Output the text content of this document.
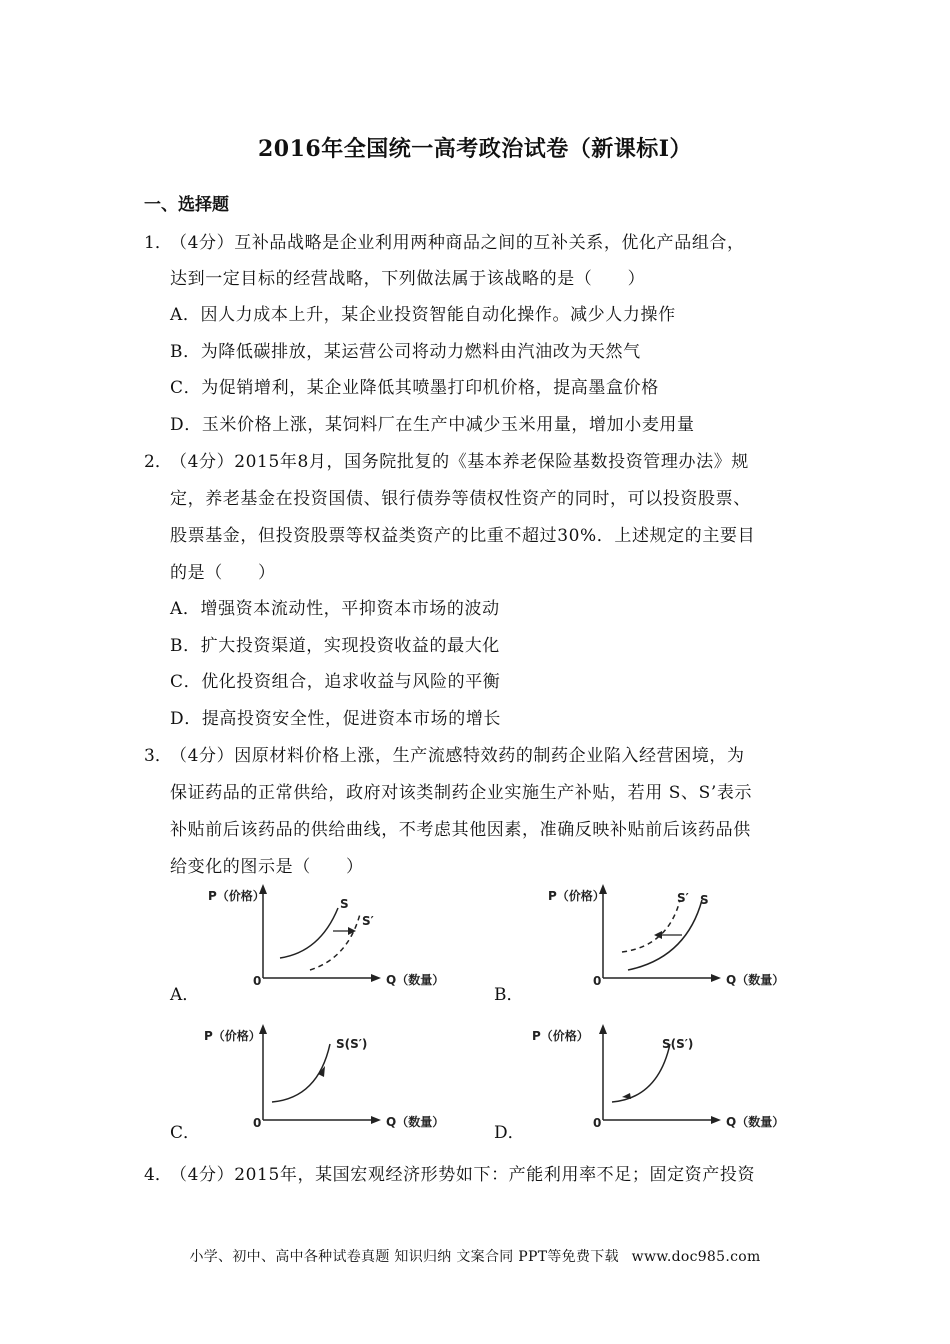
2016年全国统一高考政治试卷（新课标Ⅰ）
一、选择题
1．
（4分）互补品战略是企业利用两种商品之间的互补关系，优化产品组合，
达到一定目标的经营战略，下列做法属于该战略的是（　　）
A．因人力成本上升，某企业投资智能自动化操作。减少人力操作
B．为降低碳排放，某运营公司将动力燃料由汽油改为天然气
C．为促销增利，某企业降低其喷墨打印机价格，提高墨盒价格
D．玉米价格上涨，某饲料厂在生产中减少玉米用量，增加小麦用量
2．
（4分）2015年8月，国务院批复的《基本养老保险基数投资管理办法》规
定，养老基金在投资国债、银行债券等债权性资产的同时，可以投资股票、
股票基金，但投资股票等权益类资产的比重不超过30%．上述规定的主要目
的是（　　）
A．增强资本流动性，平抑资本市场的波动
B．扩大投资渠道，实现投资收益的最大化
C．优化投资组合，追求收益与风险的平衡
D．提高投资安全性，促进资本市场的增长
3．
（4分）因原材料价格上涨，生产流感特效药的制药企业陷入经营困境，为
保证药品的正常供给，政府对该类制药企业实施生产补贴，若用 S、S’表示
补贴前后该药品的供给曲线，不考虑其他因素，准确反映补贴前后该药品供
给变化的图示是（　　）
P（价格）
Q（数量）
0
S
S′
A．
P（价格）
Q（数量）
0
S′ S
B．
P（价格）
Q（数量）
0
S(S′)
C．
P（价格）
Q（数量）
0
S(S′)
D．
4．
（4分）2015年，某国宏观经济形势如下：产能利用率不足；固定资产投资
小学、初中、高中各种试卷真题 知识归纳 文案合同 PPT等免费下载 www.doc985.com
